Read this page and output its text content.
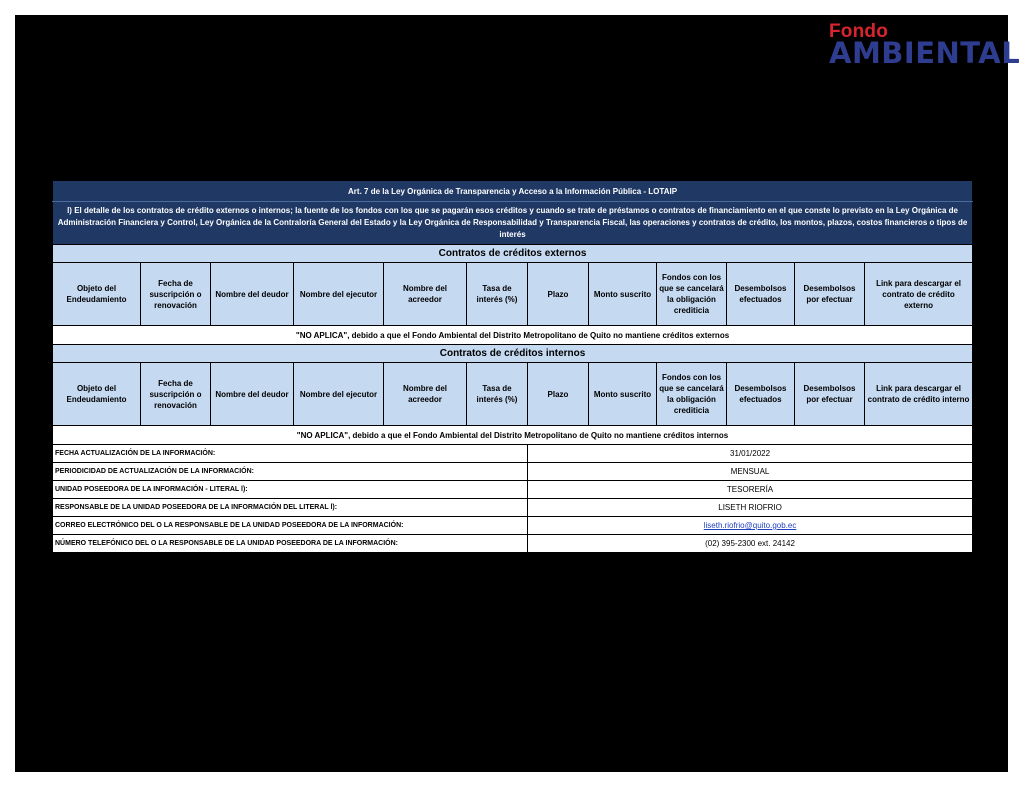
Fondo
AMBIENTAL
Art. 7 de la Ley Orgánica de Transparencia y Acceso a la Información Pública - LOTAIP											
l) El detalle de los contratos de crédito externos o internos; la fuente de los fondos con los que se pagarán esos créditos y cuando se trate de préstamos o contratos de financiamiento en el que conste lo previsto en la Ley Orgánica de Administración Financiera y Control, Ley Orgánica de la Contraloría General del Estado y la Ley Orgánica de Responsabilidad y Transparencia Fiscal, las operaciones y contratos de crédito, los montos, plazos, costos financieros o tipos de interés											
Contratos de créditos externos											
Objeto del Endeudamiento	Fecha de suscripción o renovación	Nombre del deudor	Nombre del ejecutor	Nombre del acreedor	Tasa de interés (%)	Plazo	Monto suscrito	Fondos con los que se cancelará la obligación crediticia	Desembolsos efectuados	Desembolsos por efectuar	Link para descargar el contrato de crédito externo
"NO APLICA", debido a que el Fondo Ambiental del Distrito Metropolitano de Quito no mantiene créditos externos											
Contratos de créditos internos											
Objeto del Endeudamiento	Fecha de suscripción o renovación	Nombre del deudor	Nombre del ejecutor	Nombre del acreedor	Tasa de interés (%)	Plazo	Monto suscrito	Fondos con los que se cancelará la obligación crediticia	Desembolsos efectuados	Desembolsos por efectuar	Link para descargar el contrato de crédito interno
"NO APLICA", debido a que el Fondo Ambiental del Distrito Metropolitano de Quito no mantiene créditos internos											
FECHA ACTUALIZACIÓN DE LA INFORMACIÓN:						31/01/2022					
PERIODICIDAD DE ACTUALIZACIÓN DE LA INFORMACIÓN:						MENSUAL					
UNIDAD POSEEDORA DE LA INFORMACIÓN - LITERAL l):						TESORERÍA					
RESPONSABLE DE LA UNIDAD POSEEDORA DE LA INFORMACIÓN DEL LITERAL l):						LISETH RIOFRIO					
CORREO ELECTRÓNICO DEL O LA RESPONSABLE DE LA UNIDAD POSEEDORA DE LA INFORMACIÓN:						liseth.riofrio@quito.gob.ec					
NÚMERO TELEFÓNICO DEL O LA RESPONSABLE DE LA UNIDAD POSEEDORA DE LA INFORMACIÓN:						(02) 395-2300 ext. 24142					
